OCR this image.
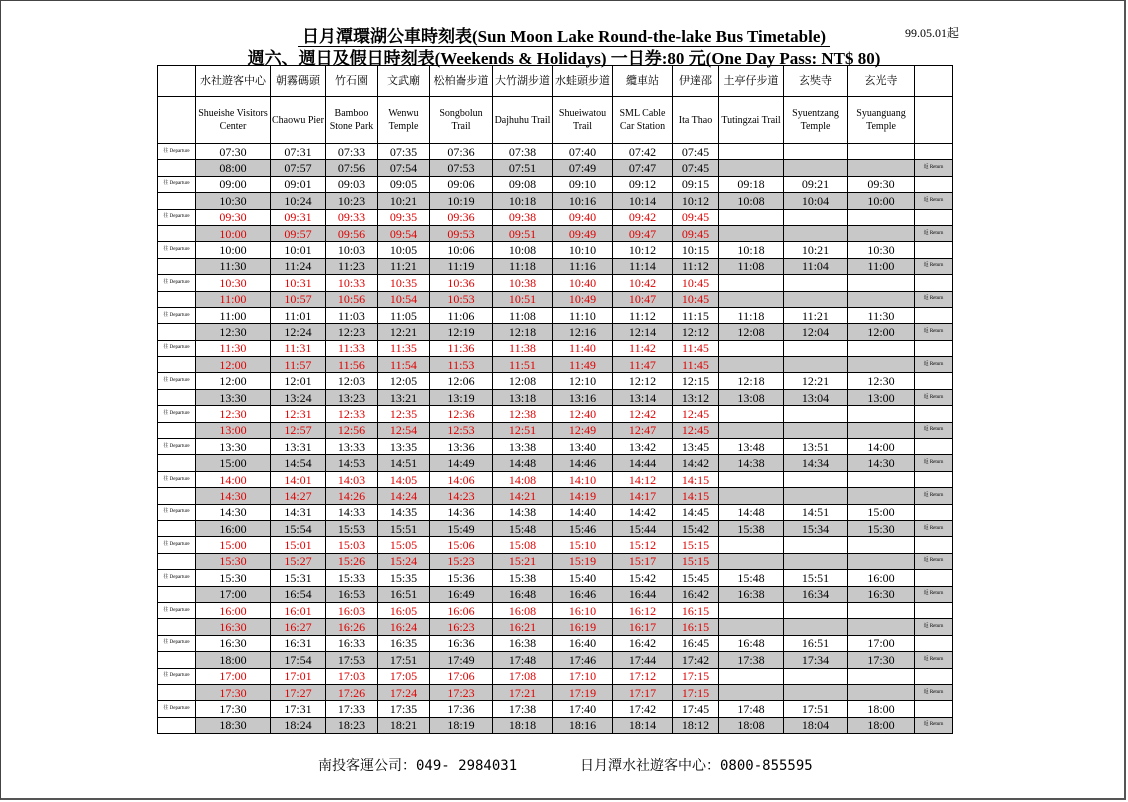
日月潭環湖公車時刻表(Sun Moon Lake Round-the-lake Bus Timetable)
週六、週日及假日時刻表(Weekends & Holidays) 一日券:80 元(One Day Pass: NT$ 80)
99.05.01起
	水社遊客中心	朝霧碼頭	竹石園	文武廟	松柏崙步道	大竹湖步道	水蛙頭步道	纜車站	伊達邵	土亭仔步道	玄奘寺	玄光寺	
	Shueishe Visitors Center	Chaowu Pier	Bamboo Stone Park	Wenwu Temple	Songbolun Trail	Dajhuhu Trail	Shueiwatou Trail	SML Cable Car Station	Ita Thao	Tutingzai Trail	Syuentzang Temple	Syuanguang Temple	
往 Departure	07:30	07:31	07:33	07:35	07:36	07:38	07:40	07:42	07:45				
	08:00	07:57	07:56	07:54	07:53	07:51	07:49	07:47	07:45				返 Return
往 Departure	09:00	09:01	09:03	09:05	09:06	09:08	09:10	09:12	09:15	09:18	09:21	09:30	
	10:30	10:24	10:23	10:21	10:19	10:18	10:16	10:14	10:12	10:08	10:04	10:00	返 Return
往 Departure	09:30	09:31	09:33	09:35	09:36	09:38	09:40	09:42	09:45				
	10:00	09:57	09:56	09:54	09:53	09:51	09:49	09:47	09:45				返 Return
往 Departure	10:00	10:01	10:03	10:05	10:06	10:08	10:10	10:12	10:15	10:18	10:21	10:30	
	11:30	11:24	11:23	11:21	11:19	11:18	11:16	11:14	11:12	11:08	11:04	11:00	返 Return
往 Departure	10:30	10:31	10:33	10:35	10:36	10:38	10:40	10:42	10:45				
	11:00	10:57	10:56	10:54	10:53	10:51	10:49	10:47	10:45				返 Return
往 Departure	11:00	11:01	11:03	11:05	11:06	11:08	11:10	11:12	11:15	11:18	11:21	11:30	
	12:30	12:24	12:23	12:21	12:19	12:18	12:16	12:14	12:12	12:08	12:04	12:00	返 Return
往 Departure	11:30	11:31	11:33	11:35	11:36	11:38	11:40	11:42	11:45				
	12:00	11:57	11:56	11:54	11:53	11:51	11:49	11:47	11:45				返 Return
往 Departure	12:00	12:01	12:03	12:05	12:06	12:08	12:10	12:12	12:15	12:18	12:21	12:30	
	13:30	13:24	13:23	13:21	13:19	13:18	13:16	13:14	13:12	13:08	13:04	13:00	返 Return
往 Departure	12:30	12:31	12:33	12:35	12:36	12:38	12:40	12:42	12:45				
	13:00	12:57	12:56	12:54	12:53	12:51	12:49	12:47	12:45				返 Return
往 Departure	13:30	13:31	13:33	13:35	13:36	13:38	13:40	13:42	13:45	13:48	13:51	14:00	
	15:00	14:54	14:53	14:51	14:49	14:48	14:46	14:44	14:42	14:38	14:34	14:30	返 Return
往 Departure	14:00	14:01	14:03	14:05	14:06	14:08	14:10	14:12	14:15				
	14:30	14:27	14:26	14:24	14:23	14:21	14:19	14:17	14:15				返 Return
往 Departure	14:30	14:31	14:33	14:35	14:36	14:38	14:40	14:42	14:45	14:48	14:51	15:00	
	16:00	15:54	15:53	15:51	15:49	15:48	15:46	15:44	15:42	15:38	15:34	15:30	返 Return
往 Departure	15:00	15:01	15:03	15:05	15:06	15:08	15:10	15:12	15:15				
	15:30	15:27	15:26	15:24	15:23	15:21	15:19	15:17	15:15				返 Return
往 Departure	15:30	15:31	15:33	15:35	15:36	15:38	15:40	15:42	15:45	15:48	15:51	16:00	
	17:00	16:54	16:53	16:51	16:49	16:48	16:46	16:44	16:42	16:38	16:34	16:30	返 Return
往 Departure	16:00	16:01	16:03	16:05	16:06	16:08	16:10	16:12	16:15				
	16:30	16:27	16:26	16:24	16:23	16:21	16:19	16:17	16:15				返 Return
往 Departure	16:30	16:31	16:33	16:35	16:36	16:38	16:40	16:42	16:45	16:48	16:51	17:00	
	18:00	17:54	17:53	17:51	17:49	17:48	17:46	17:44	17:42	17:38	17:34	17:30	返 Return
往 Departure	17:00	17:01	17:03	17:05	17:06	17:08	17:10	17:12	17:15				
	17:30	17:27	17:26	17:24	17:23	17:21	17:19	17:17	17:15				返 Return
往 Departure	17:30	17:31	17:33	17:35	17:36	17:38	17:40	17:42	17:45	17:48	17:51	18:00	
	18:30	18:24	18:23	18:21	18:19	18:18	18:16	18:14	18:12	18:08	18:04	18:00	返 Return
南投客運公司：049- 2984031	日月潭水社遊客中心：0800-855595
